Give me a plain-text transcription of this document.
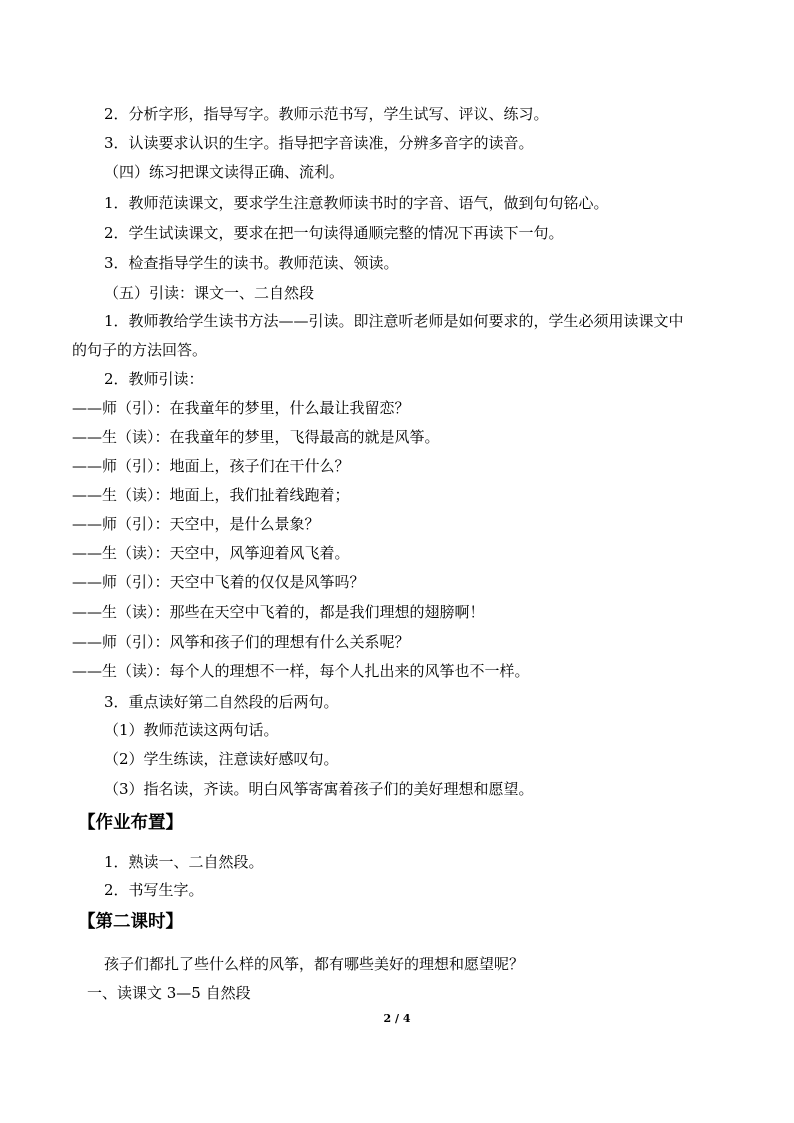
2．分析字形，指导写字。教师示范书写，学生试写、评议、练习。
3．认读要求认识的生字。指导把字音读准，分辨多音字的读音。
（四）练习把课文读得正确、流利。
1．教师范读课文，要求学生注意教师读书时的字音、语气，做到句句铭心。
2．学生试读课文，要求在把一句读得通顺完整的情况下再读下一句。
3．检查指导学生的读书。教师范读、领读。
（五）引读：课文一、二自然段
1．教师教给学生读书方法——引读。即注意听老师是如何要求的，学生必须用读课文中
的句子的方法回答。
2．教师引读：
——师（引）：在我童年的梦里，什么最让我留恋？
——生（读）：在我童年的梦里，飞得最高的就是风筝。
——师（引）：地面上，孩子们在干什么？
——生（读）：地面上，我们扯着线跑着；
——师（引）：天空中，是什么景象？
——生（读）：天空中，风筝迎着风飞着。
——师（引）：天空中飞着的仅仅是风筝吗？
——生（读）：那些在天空中飞着的，都是我们理想的翅膀啊！
——师（引）：风筝和孩子们的理想有什么关系呢？
——生（读）：每个人的理想不一样，每个人扎出来的风筝也不一样。
3．重点读好第二自然段的后两句。
（1）教师范读这两句话。
（2）学生练读，注意读好感叹句。
（3）指名读，齐读。明白风筝寄寓着孩子们的美好理想和愿望。
【作业布置】
1．熟读一、二自然段。
2．书写生字。
【第二课时】
孩子们都扎了些什么样的风筝，都有哪些美好的理想和愿望呢？
一、读课文 3—5 自然段
2 / 4
